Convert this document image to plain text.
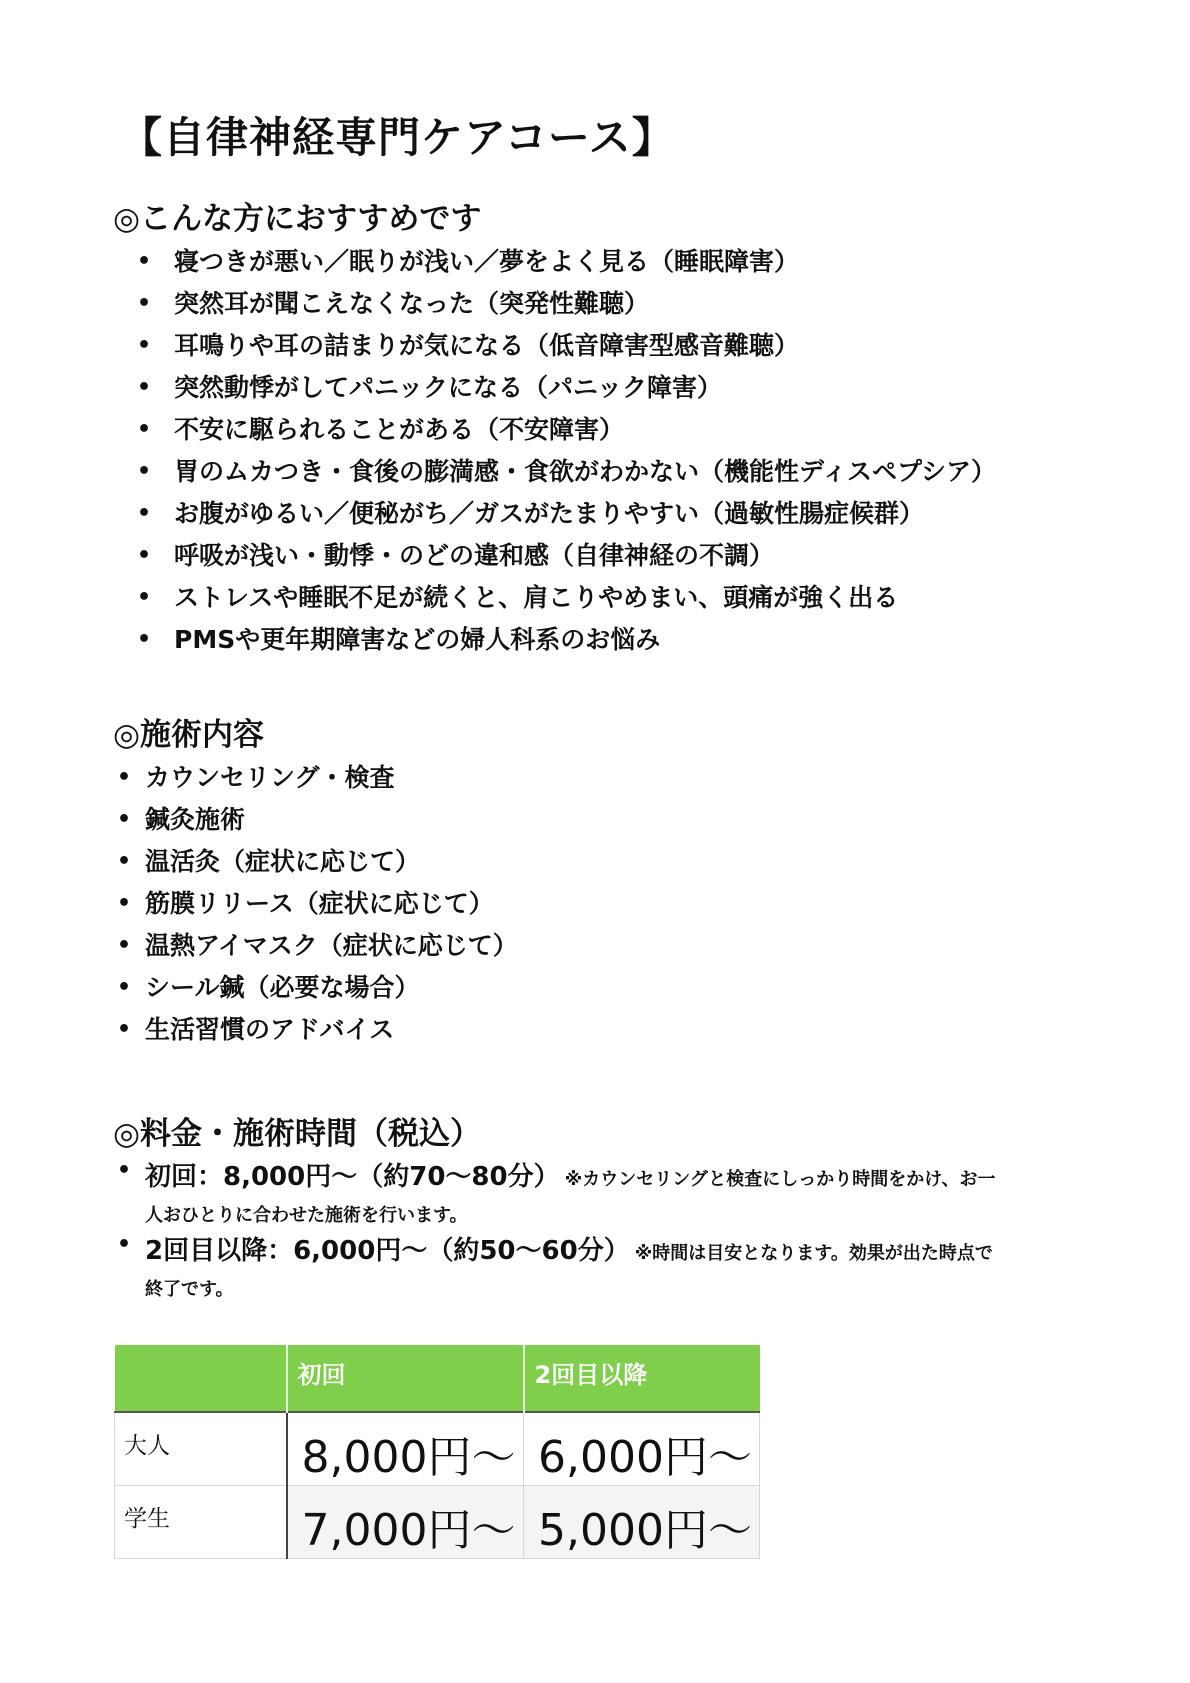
【自律神経専門ケアコース】
◎こんな方におすすめです
• 寝つきが悪い／眠りが浅い／夢をよく見る（睡眠障害）
• 突然耳が聞こえなくなった（突発性難聴）
• 耳鳴りや耳の詰まりが気になる（低音障害型感音難聴）
• 突然動悸がしてパニックになる（パニック障害）
• 不安に駆られることがある（不安障害）
• 胃のムカつき・食後の膨満感・食欲がわかない（機能性ディスペプシア）
• お腹がゆるい／便秘がち／ガスがたまりやすい（過敏性腸症候群）
• 呼吸が浅い・動悸・のどの違和感（自律神経の不調）
• ストレスや睡眠不足が続くと、肩こりやめまい、頭痛が強く出る
• PMSや更年期障害などの婦人科系のお悩み
◎施術内容
• カウンセリング・検査
• 鍼灸施術
• 温活灸（症状に応じて）
• 筋膜リリース（症状に応じて）
• 温熱アイマスク（症状に応じて）
• シール鍼（必要な場合）
• 生活習慣のアドバイス
◎料金・施術時間（税込）
• 初回：8,000円〜（約70〜80分） ※カウンセリングと検査にしっかり時間をかけ、お一
人おひとりに合わせた施術を行います。
• 2回目以降：6,000円〜（約50〜60分） ※時間は目安となります。効果が出た時点で
終了です。
	初回	2回目以降
大人	8,000円〜	6,000円〜
学生	7,000円〜	5,000円〜
